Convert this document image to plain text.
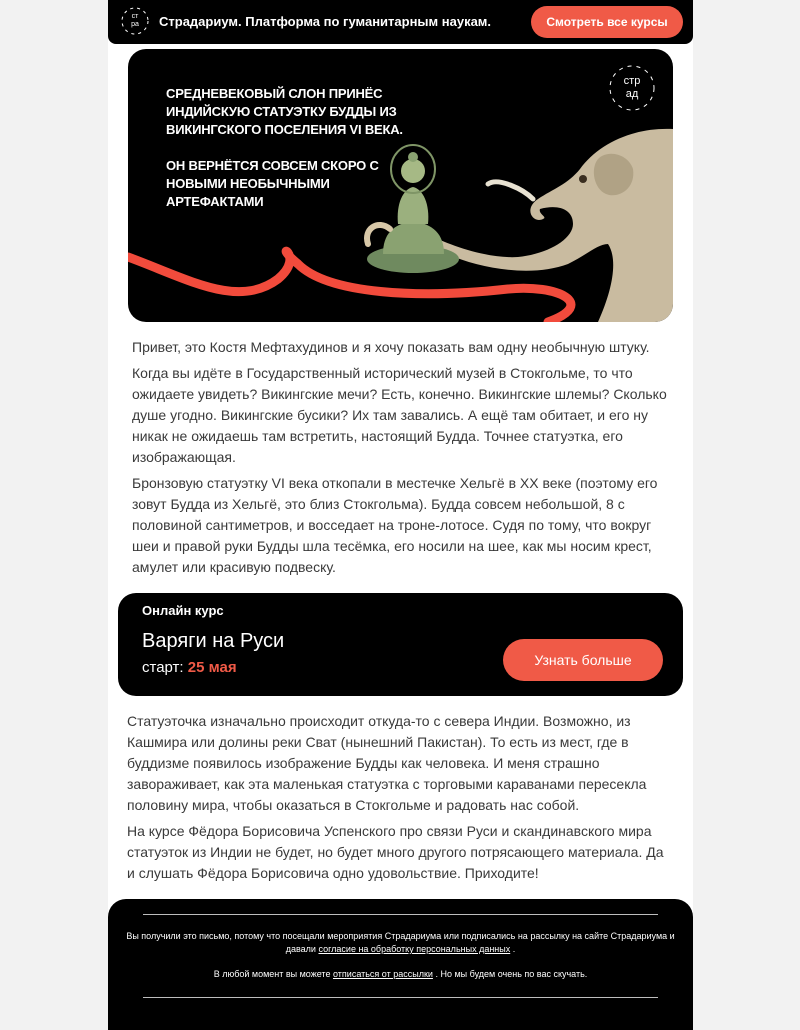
ст
ра Страдариум. Платформа по гуманитарным наукам.	Смотреть все курсы

СРЕДНЕВЕКОВЫЙ СЛОН ПРИНЁС ИНДИЙСКУЮ СТАТУЭТКУ БУДДЫ ИЗ ВИКИНГСКОГО ПОСЕЛЕНИЯ VI ВЕКА.

ОН ВЕРНЁТСЯ СОВСЕМ СКОРО С НОВЫМИ НЕОБЫЧНЫМИ АРТЕФАКТАМИ

стр
ад

Привет, это Костя Мефтахудинов и я хочу показать вам одну необычную штуку.

Когда вы идёте в Государственный исторический музей в Стокгольме, то что ожидаете увидеть? Викингские мечи? Есть, конечно. Викингские шлемы? Сколько душе угодно. Викингские бусики? Их там завались. А ещё там обитает, и его ну никак не ожидаешь там встретить, настоящий Будда. Точнее статуэтка, его изображающая.

Бронзовую статуэтку VI века откопали в местечке Хельгё в XX веке (поэтому его зовут Будда из Хельгё, это близ Стокгольма). Будда совсем небольшой, 8 с половиной сантиметров, и восседает на троне-лотосе. Судя по тому, что вокруг шеи и правой руки Будды шла тесёмка, его носили на шее, как мы носим крест, амулет или красивую подвеску.

Онлайн курс
Варяги на Руси
старт: 25 мая	Узнать больше

Статуэточка изначально происходит откуда-то с севера Индии. Возможно, из Кашмира или долины реки Сват (нынешний Пакистан). То есть из мест, где в буддизме появилось изображение Будды как человека. И меня страшно завораживает, как эта маленькая статуэтка с торговыми караванами пересекла половину мира, чтобы оказаться в Стокгольме и радовать нас собой.

На курсе Фёдора Борисовича Успенского про связи Руси и скандинавского мира статуэток из Индии не будет, но будет много другого потрясающего материала. Да и слушать Фёдора Борисовича одно удовольствие. Приходите!

Вы получили это письмо, потому что посещали мероприятия Страдариума или подписались на рассылку на сайте Страдариума и давали согласие на обработку персональных данных .
В любой момент вы можете отписаться от рассылки . Но мы будем очень по вас скучать.
